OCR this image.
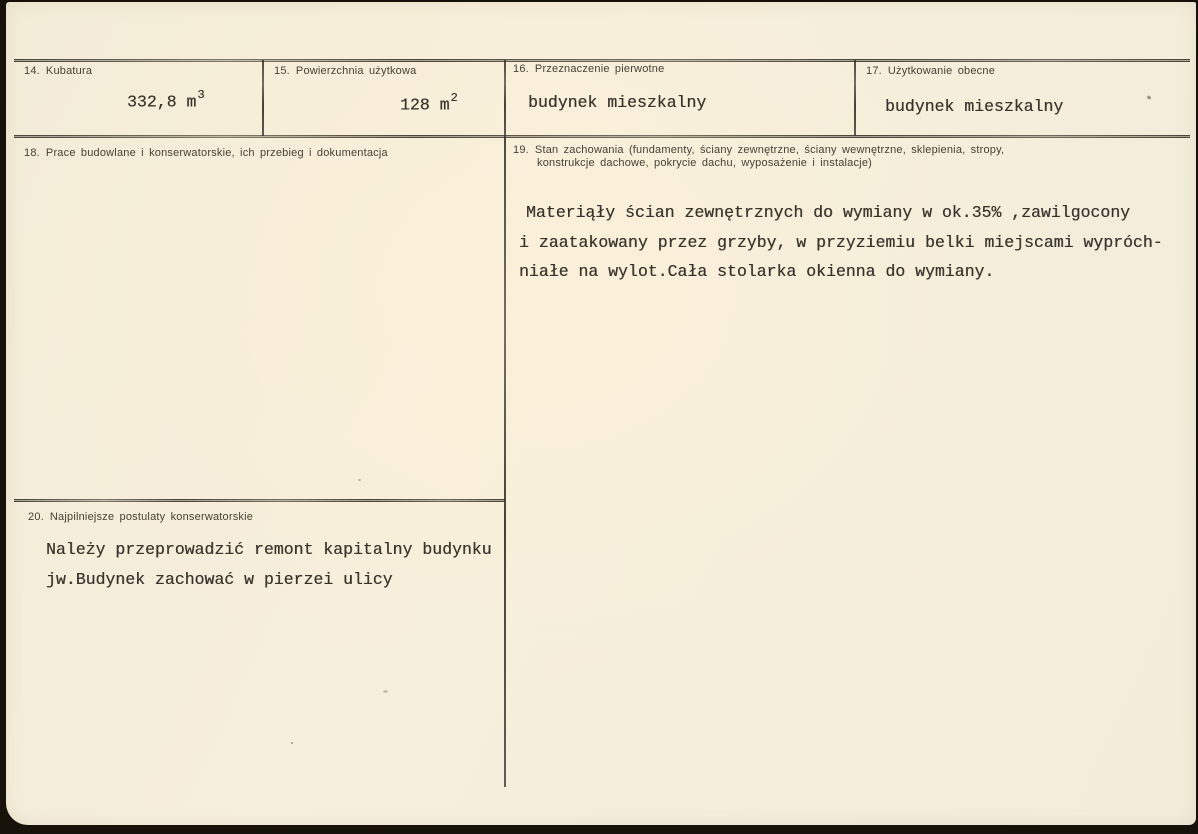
14. Kubatura
332,8 $m^3$
15. Powierzchnia użytkowa
128 $m^2$
16. Przeznaczenie pierwotne
budynek mieszkalny
17. Użytkowanie obecne
budynek mieszkalny
18. Prace budowlane i konserwatorskie, ich przebieg i dokumentacja	19. Stan zachowania (fundamenty, ściany zewnętrzne, ściany wewnętrzne, sklepienia, stropy,
konstrukcje dachowe, pokrycie dachu, wyposażenie i instalacje)
Materiąły ścian zewnętrznych do wymiany w ok.35% ,zawilgocony
i zaatakowany przez grzyby, w przyziemiu belki miejscami wypróch-
niałe na wylot.Cała stolarka okienna do wymiany.
20. Najpilniejsze postulaty konserwatorskie
Należy przeprowadzić remont kapitalny budynku
jw.Budynek zachować w pierzei ulicy
